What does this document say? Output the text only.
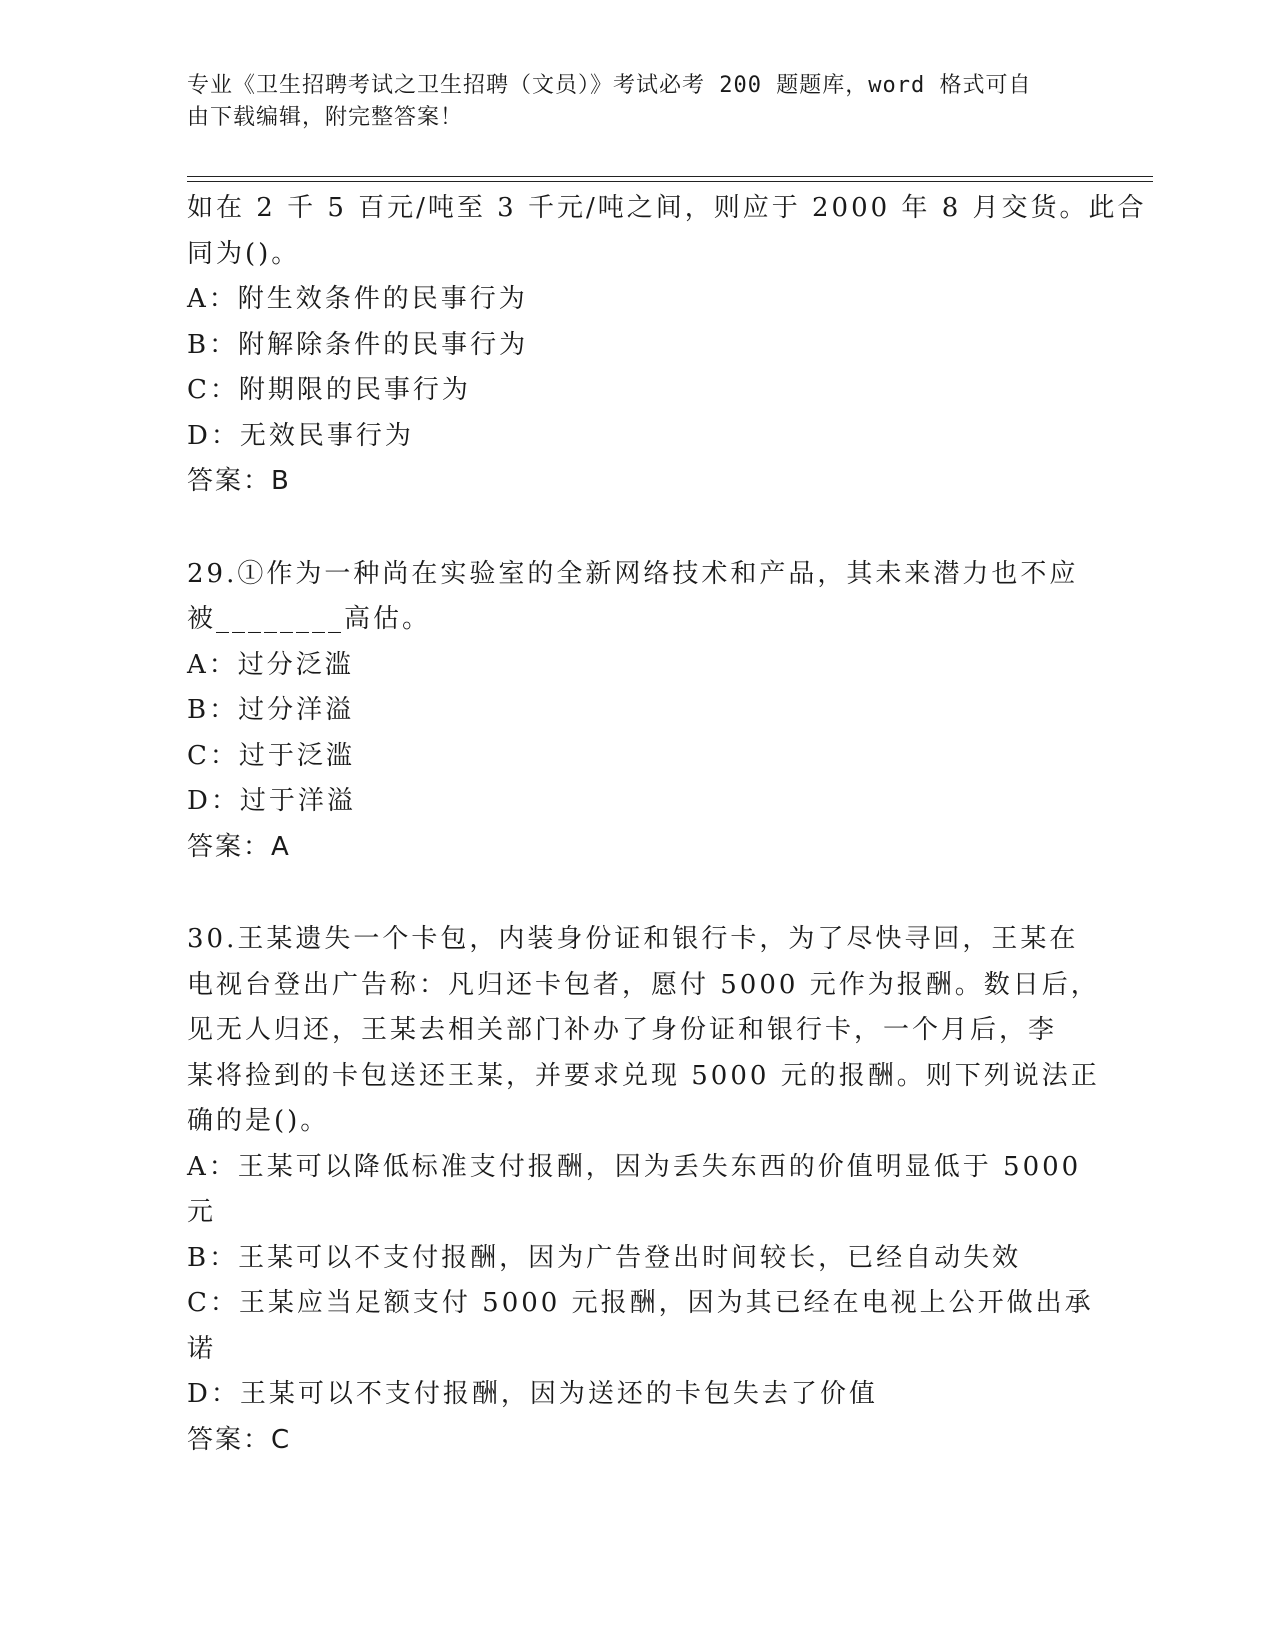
专业《卫生招聘考试之卫生招聘（文员）》考试必考 200 题题库，word 格式可自
由下载编辑，附完整答案！
如在 2 千 5 百元/吨至 3 千元/吨之间，则应于 2000 年 8 月交货。此合
同为()。
A：附生效条件的民事行为
B：附解除条件的民事行为
C：附期限的民事行为
D：无效民事行为
答案：B
29.①作为一种尚在实验室的全新网络技术和产品，其未来潜力也不应
被________高估。
A：过分泛滥
B：过分洋溢
C：过于泛滥
D：过于洋溢
答案：A
30.王某遗失一个卡包，内装身份证和银行卡，为了尽快寻回，王某在
电视台登出广告称：凡归还卡包者，愿付 5000 元作为报酬。数日后，
见无人归还，王某去相关部门补办了身份证和银行卡，一个月后，李
某将捡到的卡包送还王某，并要求兑现 5000 元的报酬。则下列说法正
确的是()。
A：王某可以降低标准支付报酬，因为丢失东西的价值明显低于 5000
元
B：王某可以不支付报酬，因为广告登出时间较长，已经自动失效
C：王某应当足额支付 5000 元报酬，因为其已经在电视上公开做出承
诺
D：王某可以不支付报酬，因为送还的卡包失去了价值
答案：C
